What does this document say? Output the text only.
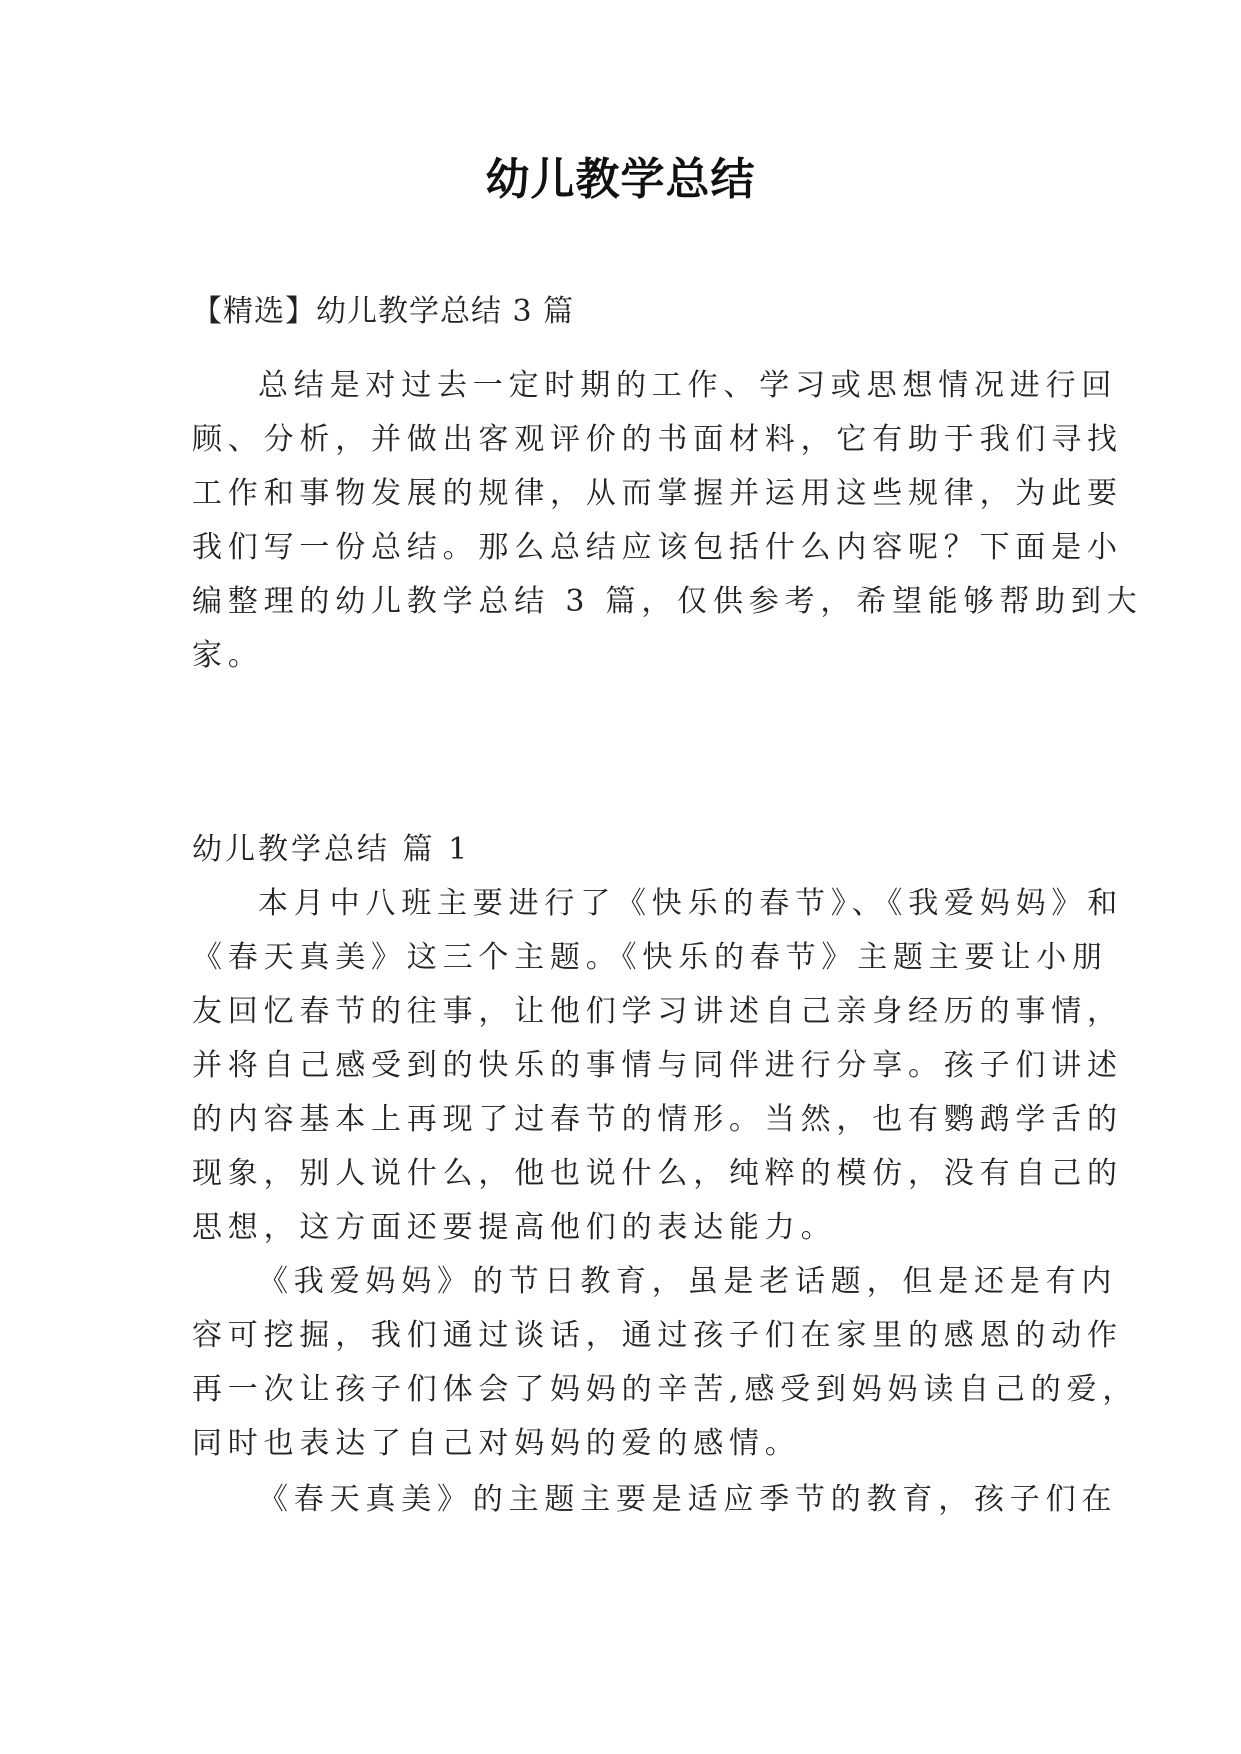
幼儿教学总结
【精选】幼儿教学总结 3 篇
总结是对过去一定时期的工作、学习或思想情况进行回
顾、分析，并做出客观评价的书面材料，它有助于我们寻找
工作和事物发展的规律，从而掌握并运用这些规律，为此要
我们写一份总结。那么总结应该包括什么内容呢？下面是小
编整理的幼儿教学总结 3 篇，仅供参考，希望能够帮助到大
家。
幼儿教学总结 篇 1
本月中八班主要进行了《快乐的春节》、《我爱妈妈》和
《春天真美》这三个主题。《快乐的春节》主题主要让小朋
友回忆春节的往事，让他们学习讲述自己亲身经历的事情，
并将自己感受到的快乐的事情与同伴进行分享。孩子们讲述
的内容基本上再现了过春节的情形。当然，也有鹦鹉学舌的
现象，别人说什么，他也说什么，纯粹的模仿，没有自己的
思想，这方面还要提高他们的表达能力。
《我爱妈妈》的节日教育，虽是老话题，但是还是有内
容可挖掘，我们通过谈话，通过孩子们在家里的感恩的动作
再一次让孩子们体会了妈妈的辛苦,感受到妈妈读自己的爱，
同时也表达了自己对妈妈的爱的感情。
《春天真美》的主题主要是适应季节的教育，孩子们在
